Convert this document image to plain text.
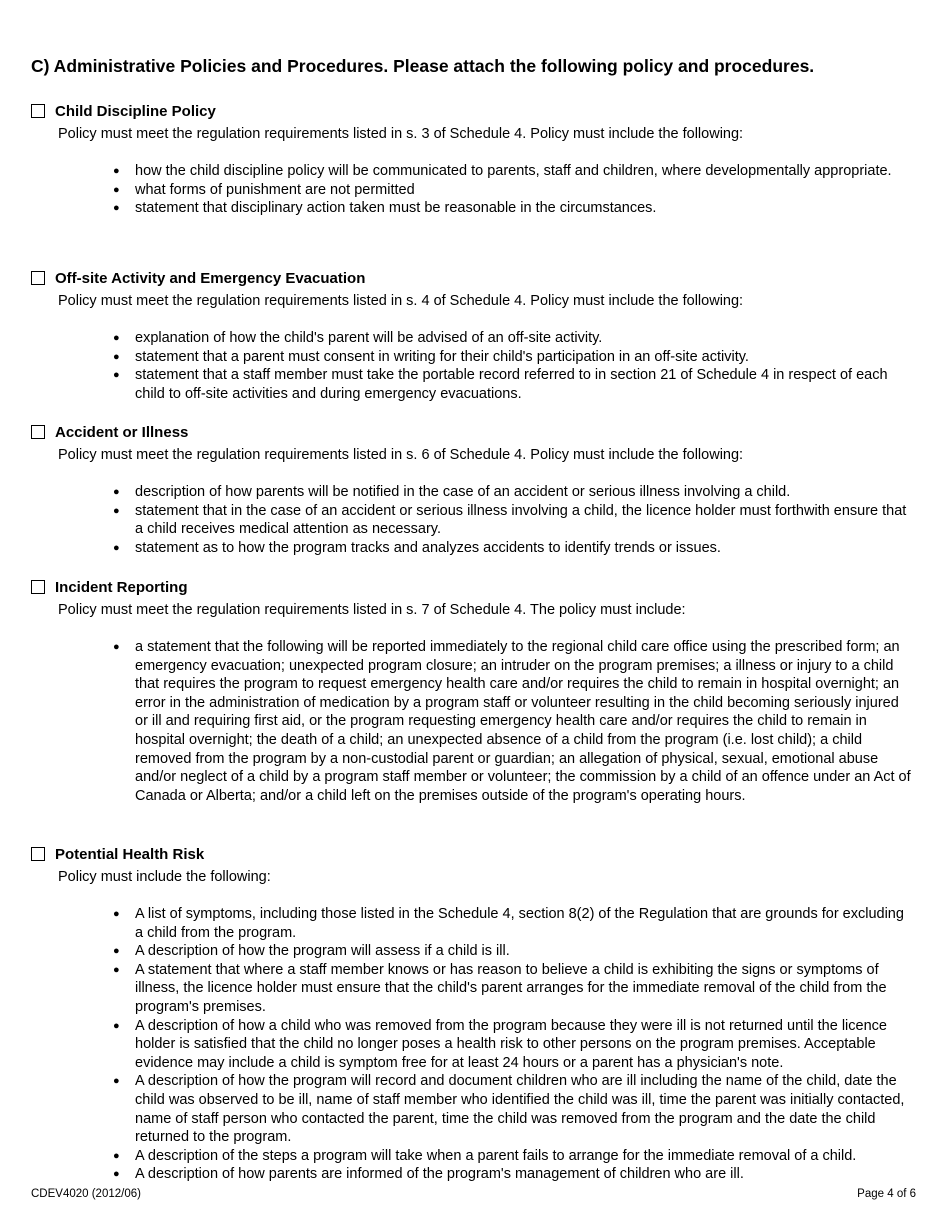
C) Administrative Policies and Procedures. Please attach the following policy and procedures.
Child Discipline Policy
Policy must meet the regulation requirements listed in s. 3 of Schedule 4. Policy must include the following:
● how the child discipline policy will be communicated to parents, staff and children, where developmentally appropriate.
● what forms of punishment are not permitted
● statement that disciplinary action taken must be reasonable in the circumstances.
Off-site Activity and Emergency Evacuation
Policy must meet the regulation requirements listed in s. 4 of Schedule 4. Policy must include the following:
● explanation of how the child's parent will be advised of an off-site activity.
● statement that a parent must consent in writing for their child's participation in an off-site activity.
● statement that a staff member must take the portable record referred to in section 21 of Schedule 4 in respect of each child to off-site activities and during emergency evacuations.
Accident or Illness
Policy must meet the regulation requirements listed in s. 6 of Schedule 4. Policy must include the following:
● description of how parents will be notified in the case of an accident or serious illness involving a child.
● statement that in the case of an accident or serious illness involving a child, the licence holder must forthwith ensure that a child receives medical attention as necessary.
● statement as to how the program tracks and analyzes accidents to identify trends or issues.
Incident Reporting
Policy must meet the regulation requirements listed in s. 7 of Schedule 4. The policy must include:
● a statement that the following will be reported immediately to the regional child care office using the prescribed form; an emergency evacuation; unexpected program closure; an intruder on the program premises; a illness or injury to a child that requires the program to request emergency health care and/or requires the child to remain in hospital overnight; an error in the administration of medication by a program staff or volunteer resulting in the child becoming seriously injured or ill and requiring first aid, or the program requesting emergency health care and/or requires the child to remain in hospital overnight; the death of a child; an unexpected absence of a child from the program (i.e. lost child); a child removed from the program by a non-custodial parent or guardian; an allegation of physical, sexual, emotional abuse and/or neglect of a child by a program staff member or volunteer; the commission by a child of an offence under an Act of Canada or Alberta; and/or a child left on the premises outside of the program's operating hours.
Potential Health Risk
Policy must include the following:
● A list of symptoms, including those listed in the Schedule 4, section 8(2) of the Regulation that are grounds for excluding a child from the program.
● A description of how the program will assess if a child is ill.
● A statement that where a staff member knows or has reason to believe a child is exhibiting the signs or symptoms of illness, the licence holder must ensure that the child's parent arranges for the immediate removal of the child from the program's premises.
● A description of how a child who was removed from the program because they were ill is not returned until the licence holder is satisfied that the child no longer poses a health risk to other persons on the program premises. Acceptable evidence may include a child is symptom free for at least 24 hours or a parent has a physician's note.
● A description of how the program will record and document children who are ill including the name of the child, date the child was observed to be ill, name of staff member who identified the child was ill, time the parent was initially contacted, name of staff person who contacted the parent, time the child was removed from the program and the date the child returned to the program.
● A description of the steps a program will take when a parent fails to arrange for the immediate removal of a child.
● A description of how parents are informed of the program's management of children who are ill.
CDEV4020 (2012/06)	Page 4 of 6
